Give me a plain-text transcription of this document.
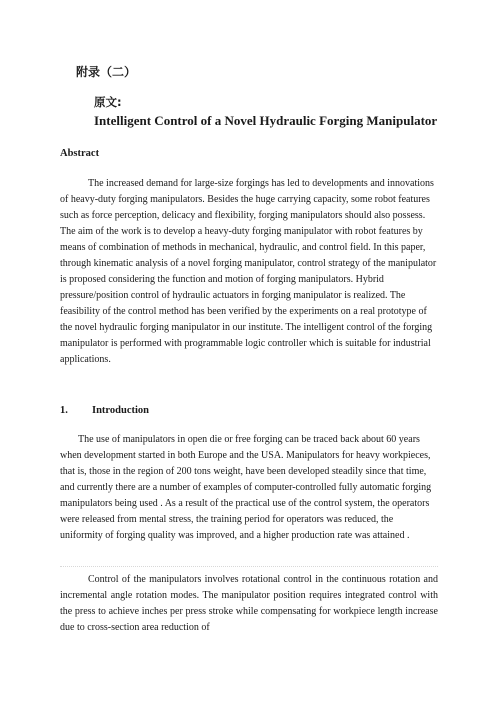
附录（二）
原文:
Intelligent Control of a Novel Hydraulic Forging Manipulator
Abstract

The increased demand for large-size forgings has led to developments and innovations of heavy-duty forging manipulators. Besides the huge carrying capacity, some robot features such as force perception, delicacy and flexibility, forging manipulators should also possess. The aim of the work is to develop a heavy-duty forging manipulator with robot features by means of combination of methods in mechanical, hydraulic, and control field. In this paper, through kinematic analysis of a novel forging manipulator, control strategy of the manipulator is proposed considering the function and motion of forging manipulators. Hybrid pressure/position control of hydraulic actuators in forging manipulator is realized. The feasibility of the control method has been verified by the experiments on a real prototype of the novel hydraulic forging manipulator in our institute. The intelligent control of the forging manipulator is performed with programmable logic controller which is suitable for industrial applications.

1. Introduction

The use of manipulators in open die or free forging can be traced back about 60 years when development started in both Europe and the USA. Manipulators for heavy workpieces, that is, those in the region of 200 tons weight, have been developed steadily since that time, and currently there are a number of examples of computer-controlled fully automatic forging manipulators being used . As a result of the practical use of the control system, the operators were released from mental stress, the training period for operators was reduced, the uniformity of forging quality was improved, and a higher production rate was attained .

Control of the manipulators involves rotational control in the continuous rotation and incremental angle rotation modes. The manipulator position requires integrated control with the press to achieve inches per press stroke while compensating for workpiece length increase due to cross-section area reduction of
